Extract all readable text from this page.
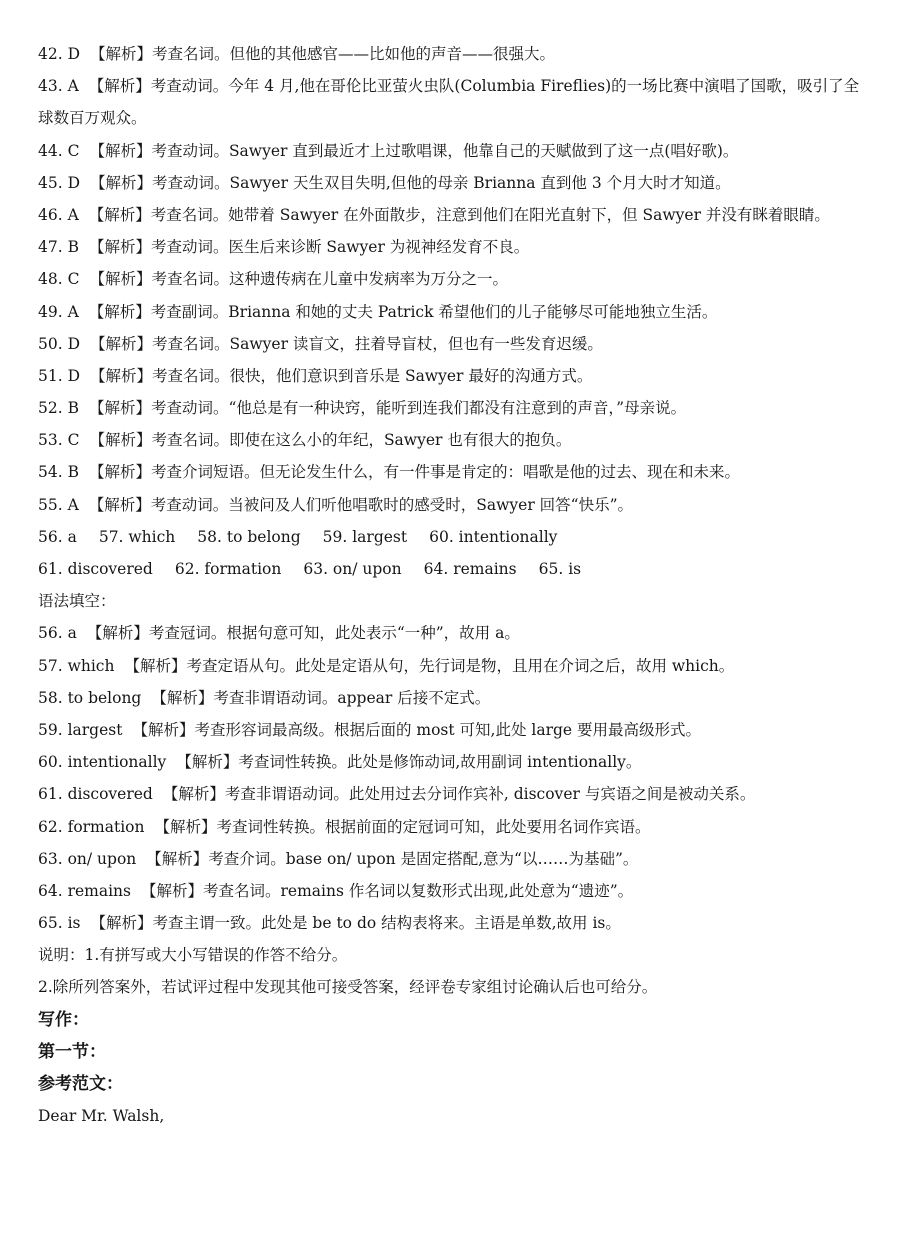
42. D 【解析】考查名词。但他的其他感官——比如他的声音——很强大。
43. A 【解析】考查动词。今年 4 月,他在哥伦比亚萤火虫队(Columbia Fireflies)的一场比赛中演唱了国歌，吸引了全球数百万观众。
44. C 【解析】考查动词。Sawyer 直到最近才上过歌唱课，他靠自己的天赋做到了这一点(唱好歌)。
45. D 【解析】考查动词。Sawyer 天生双目失明,但他的母亲 Brianna 直到他 3 个月大时才知道。
46. A 【解析】考查名词。她带着 Sawyer 在外面散步，注意到他们在阳光直射下，但 Sawyer 并没有眯着眼睛。
47. B 【解析】考查动词。医生后来诊断 Sawyer 为视神经发育不良。
48. C 【解析】考查名词。这种遗传病在儿童中发病率为万分之一。
49. A 【解析】考查副词。Brianna 和她的丈夫 Patrick 希望他们的儿子能够尽可能地独立生活。
50. D 【解析】考查名词。Sawyer 读盲文，拄着导盲杖，但也有一些发育迟缓。
51. D 【解析】考查名词。很快，他们意识到音乐是 Sawyer 最好的沟通方式。
52. B 【解析】考查动词。“他总是有一种诀窍，能听到连我们都没有注意到的声音，”母亲说。
53. C 【解析】考查名词。即使在这么小的年纪，Sawyer 也有很大的抱负。
54. B 【解析】考查介词短语。但无论发生什么，有一件事是肯定的：唱歌是他的过去、现在和未来。
55. A 【解析】考查动词。当被问及人们听他唱歌时的感受时，Sawyer 回答“快乐”。
56. a 57. which 58. to belong 59. largest 60. intentionally
61. discovered 62. formation 63. on/ upon 64. remains 65. is
语法填空：
56. a 【解析】考查冠词。根据句意可知，此处表示“一种”，故用 a。
57. which 【解析】考查定语从句。此处是定语从句，先行词是物，且用在介词之后，故用 which。
58. to belong 【解析】考查非谓语动词。appear 后接不定式。
59. largest 【解析】考查形容词最高级。根据后面的 most 可知,此处 large 要用最高级形式。
60. intentionally 【解析】考查词性转换。此处是修饰动词,故用副词 intentionally。
61. discovered 【解析】考查非谓语动词。此处用过去分词作宾补, discover 与宾语之间是被动关系。
62. formation 【解析】考查词性转换。根据前面的定冠词可知，此处要用名词作宾语。
63. on/ upon 【解析】考查介词。base on/ upon 是固定搭配,意为“以……为基础”。
64. remains 【解析】考查名词。remains 作名词以复数形式出现,此处意为“遗迹”。
65. is 【解析】考查主谓一致。此处是 be to do 结构表将来。主语是单数,故用 is。
说明：1.有拼写或大小写错误的作答不给分。
2.除所列答案外，若试评过程中发现其他可接受答案，经评卷专家组讨论确认后也可给分。
写作：
第一节：
参考范文：
Dear Mr. Walsh,
